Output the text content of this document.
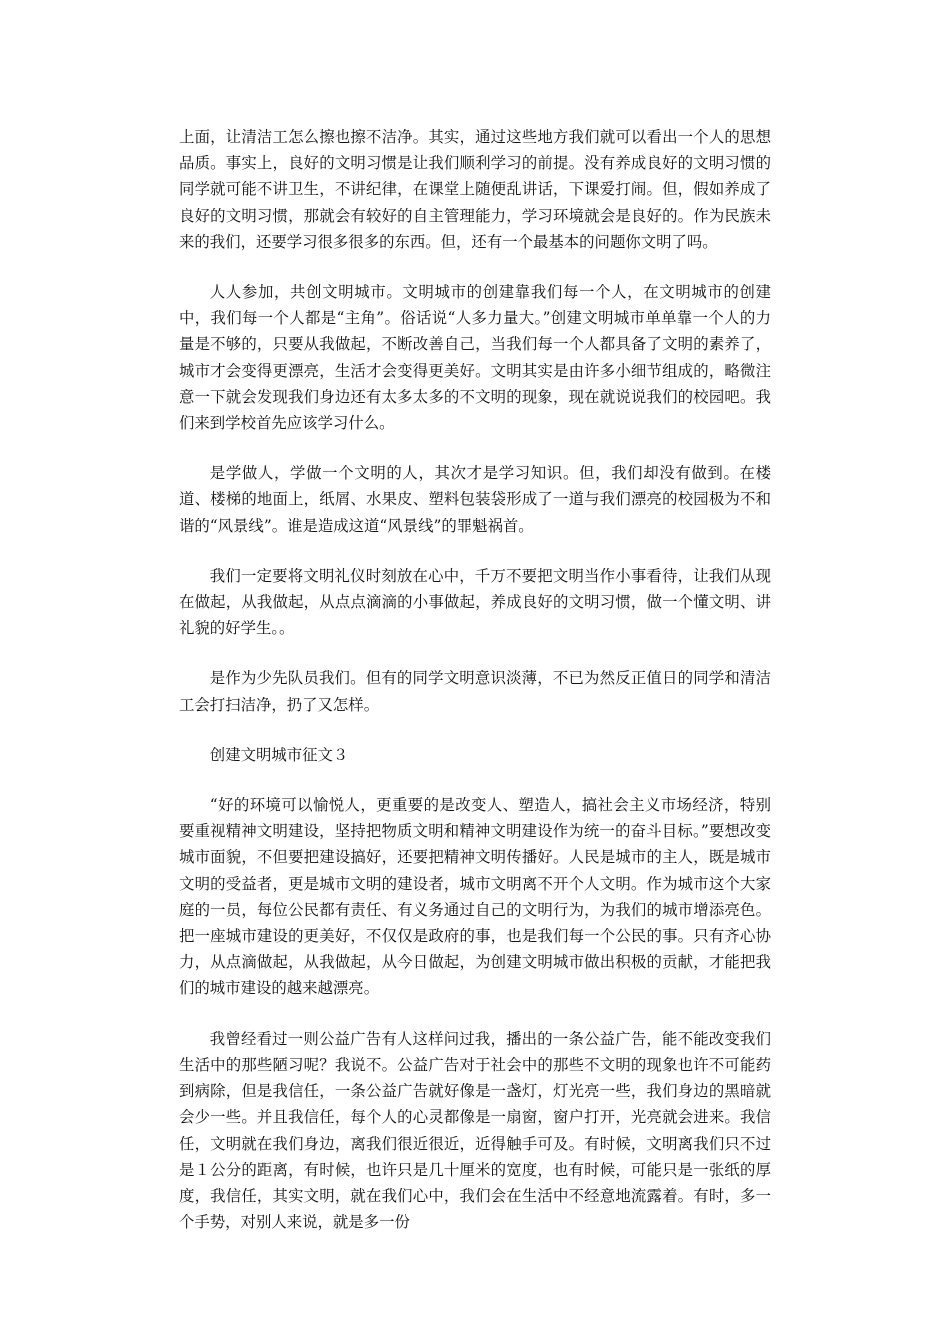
上面，让清洁工怎么擦也擦不洁净。其实，通过这些地方我们就可以看出一个人的思想品质。事实上，良好的文明习惯是让我们顺利学习的前提。没有养成良好的文明习惯的同学就可能不讲卫生，不讲纪律，在课堂上随便乱讲话，下课爱打闹。但，假如养成了良好的文明习惯，那就会有较好的自主管理能力，学习环境就会是良好的。作为民族未来的我们，还要学习很多很多的东西。但，还有一个最基本的问题你文明了吗。

人人参加，共创文明城市。文明城市的创建靠我们每一个人，在文明城市的创建中，我们每一个人都是“主角”。俗话说“人多力量大。”创建文明城市单单靠一个人的力量是不够的，只要从我做起，不断改善自己，当我们每一个人都具备了文明的素养了，城市才会变得更漂亮，生活才会变得更美好。文明其实是由许多小细节组成的，略微注意一下就会发现我们身边还有太多太多的不文明的现象，现在就说说我们的校园吧。我们来到学校首先应该学习什么。

是学做人，学做一个文明的人，其次才是学习知识。但，我们却没有做到。在楼道、楼梯的地面上，纸屑、水果皮、塑料包装袋形成了一道与我们漂亮的校园极为不和谐的“风景线”。谁是造成这道“风景线”的罪魁祸首。

我们一定要将文明礼仪时刻放在心中，千万不要把文明当作小事看待，让我们从现在做起，从我做起，从点点滴滴的小事做起，养成良好的文明习惯，做一个懂文明、讲礼貌的好学生。。

是作为少先队员我们。但有的同学文明意识淡薄，不已为然反正值日的同学和清洁工会打扫洁净，扔了又怎样。

创建文明城市征文３

“好的环境可以愉悦人，更重要的是改变人、塑造人，搞社会主义市场经济，特别要重视精神文明建设，坚持把物质文明和精神文明建设作为统一的奋斗目标。”要想改变城市面貌，不但要把建设搞好，还要把精神文明传播好。人民是城市的主人，既是城市文明的受益者，更是城市文明的建设者，城市文明离不开个人文明。作为城市这个大家庭的一员，每位公民都有责任、有义务通过自己的文明行为，为我们的城市增添亮色。把一座城市建设的更美好，不仅仅是政府的事，也是我们每一个公民的事。只有齐心协力，从点滴做起，从我做起，从今日做起，为创建文明城市做出积极的贡献，才能把我们的城市建设的越来越漂亮。

我曾经看过一则公益广告有人这样问过我，播出的一条公益广告，能不能改变我们生活中的那些陋习呢？我说不。公益广告对于社会中的那些不文明的现象也许不可能药到病除，但是我信任，一条公益广告就好像是一盏灯，灯光亮一些，我们身边的黑暗就会少一些。并且我信任，每个人的心灵都像是一扇窗，窗户打开，光亮就会进来。我信任，文明就在我们身边，离我们很近很近，近得触手可及。有时候，文明离我们只不过是１公分的距离，有时候，也许只是几十厘米的宽度，也有时候，可能只是一张纸的厚度，我信任，其实文明，就在我们心中，我们会在生活中不经意地流露着。有时，多一个手势，对别人来说，就是多一份
